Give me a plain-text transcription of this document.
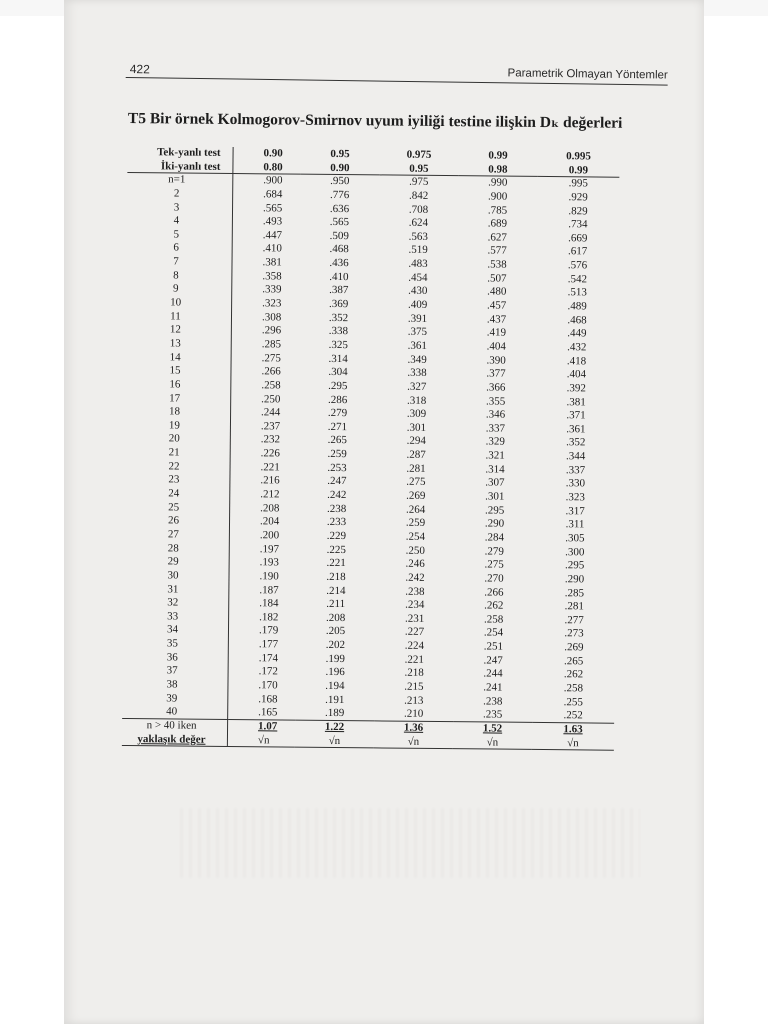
422	Parametrik Olmayan Yöntemler
T5 Bir örnek Kolmogorov-Smirnov uyum iyiliği testine ilişkin Dₖ değerleri
Tek-yanlı test	0.90	0.95	0.975	0.99	0.995
İki-yanlı test	0.80	0.90	0.95	0.98	0.99
n=1	.900	.950	.975	.990	.995
2	.684	.776	.842	.900	.929
3	.565	.636	.708	.785	.829
4	.493	.565	.624	.689	.734
5	.447	.509	.563	.627	.669
6	.410	.468	.519	.577	.617
7	.381	.436	.483	.538	.576
8	.358	.410	.454	.507	.542
9	.339	.387	.430	.480	.513
10	.323	.369	.409	.457	.489
11	.308	.352	.391	.437	.468
12	.296	.338	.375	.419	.449
13	.285	.325	.361	.404	.432
14	.275	.314	.349	.390	.418
15	.266	.304	.338	.377	.404
16	.258	.295	.327	.366	.392
17	.250	.286	.318	.355	.381
18	.244	.279	.309	.346	.371
19	.237	.271	.301	.337	.361
20	.232	.265	.294	.329	.352
21	.226	.259	.287	.321	.344
22	.221	.253	.281	.314	.337
23	.216	.247	.275	.307	.330
24	.212	.242	.269	.301	.323
25	.208	.238	.264	.295	.317
26	.204	.233	.259	.290	.311
27	.200	.229	.254	.284	.305
28	.197	.225	.250	.279	.300
29	.193	.221	.246	.275	.295
30	.190	.218	.242	.270	.290
31	.187	.214	.238	.266	.285
32	.184	.211	.234	.262	.281
33	.182	.208	.231	.258	.277
34	.179	.205	.227	.254	.273
35	.177	.202	.224	.251	.269
36	.174	.199	.221	.247	.265
37	.172	.196	.218	.244	.262
38	.170	.194	.215	.241	.258
39	.168	.191	.213	.238	.255
40	.165	.189	.210	.235	.252
n > 40 iken	1.07	1.22	1.36	1.52	1.63
yaklaşık değer	√n	√n	√n	√n	√n
